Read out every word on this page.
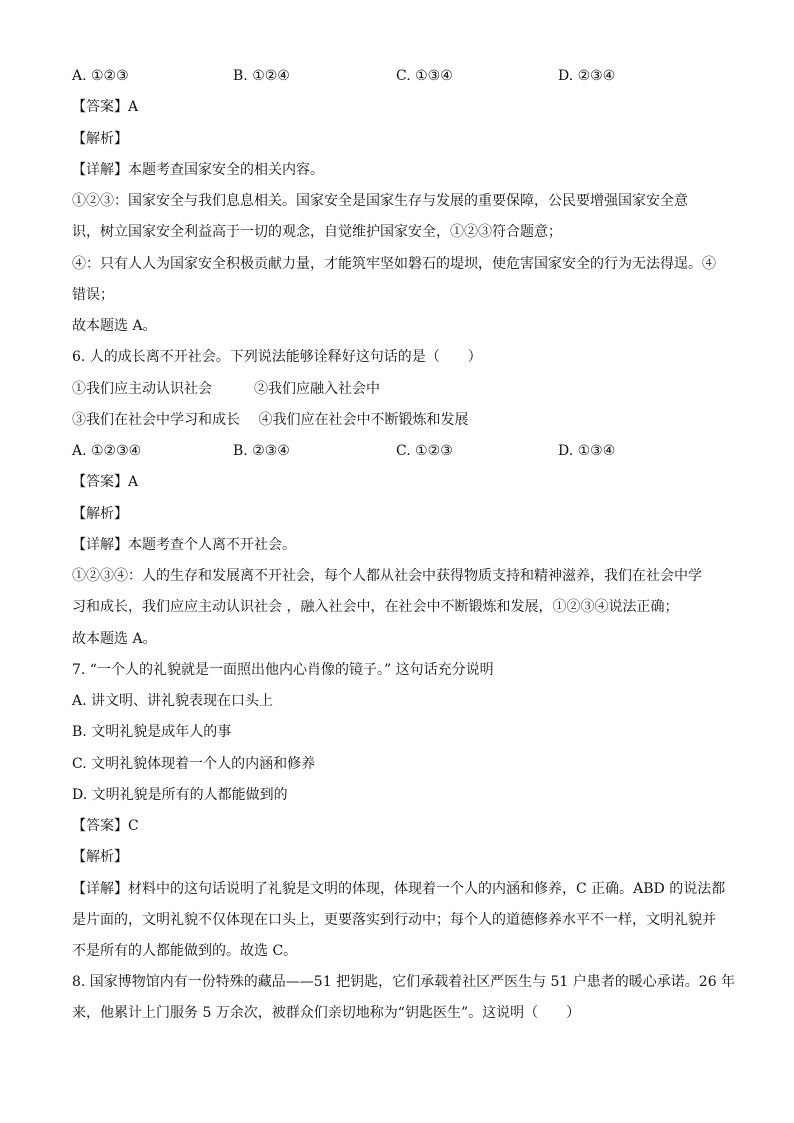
A. ①②③	B. ①②④	C. ①③④	D. ②③④
【答案】A
【解析】
【详解】本题考查国家安全的相关内容。
①②③：国家安全与我们息息相关。国家安全是国家生存与发展的重要保障，公民要增强国家安全意
识，树立国家安全利益高于一切的观念，自觉维护国家安全，①②③符合题意；
④：只有人人为国家安全积极贡献力量，才能筑牢坚如磐石的堤坝，使危害国家安全的行为无法得逞。④
错误；
故本题选 A。
6. 人的成长离不开社会。下列说法能够诠释好这句话的是（　　）
①我们应主动认识社会　　　②我们应融入社会中
③我们在社会中学习和成长　 ④我们应在社会中不断锻炼和发展
A. ①②③④	B. ②③④	C. ①②③	D. ①③④
【答案】A
【解析】
【详解】本题考查个人离不开社会。
①②③④：人的生存和发展离不开社会，每个人都从社会中获得物质支持和精神滋养，我们在社会中学
习和成长，我们应应主动认识社会 ，融入社会中，在社会中不断锻炼和发展，①②③④说法正确；
故本题选 A。
7. “一个人的礼貌就是一面照出他内心肖像的镜子。” 这句话充分说明
A. 讲文明、讲礼貌表现在口头上
B. 文明礼貌是成年人的事
C. 文明礼貌体现着一个人的内涵和修养
D. 文明礼貌是所有的人都能做到的
【答案】C
【解析】
【详解】材料中的这句话说明了礼貌是文明的体现，体现着一个人的内涵和修养，C 正确。ABD 的说法都
是片面的，文明礼貌不仅体现在口头上，更要落实到行动中；每个人的道德修养水平不一样，文明礼貌并
不是所有的人都能做到的。故选 C。
8. 国家博物馆内有一份特殊的藏品——51 把钥匙，它们承载着社区严医生与 51 户患者的暖心承诺。26 年
来，他累计上门服务 5 万余次，被群众们亲切地称为“钥匙医生”。这说明（　　）
